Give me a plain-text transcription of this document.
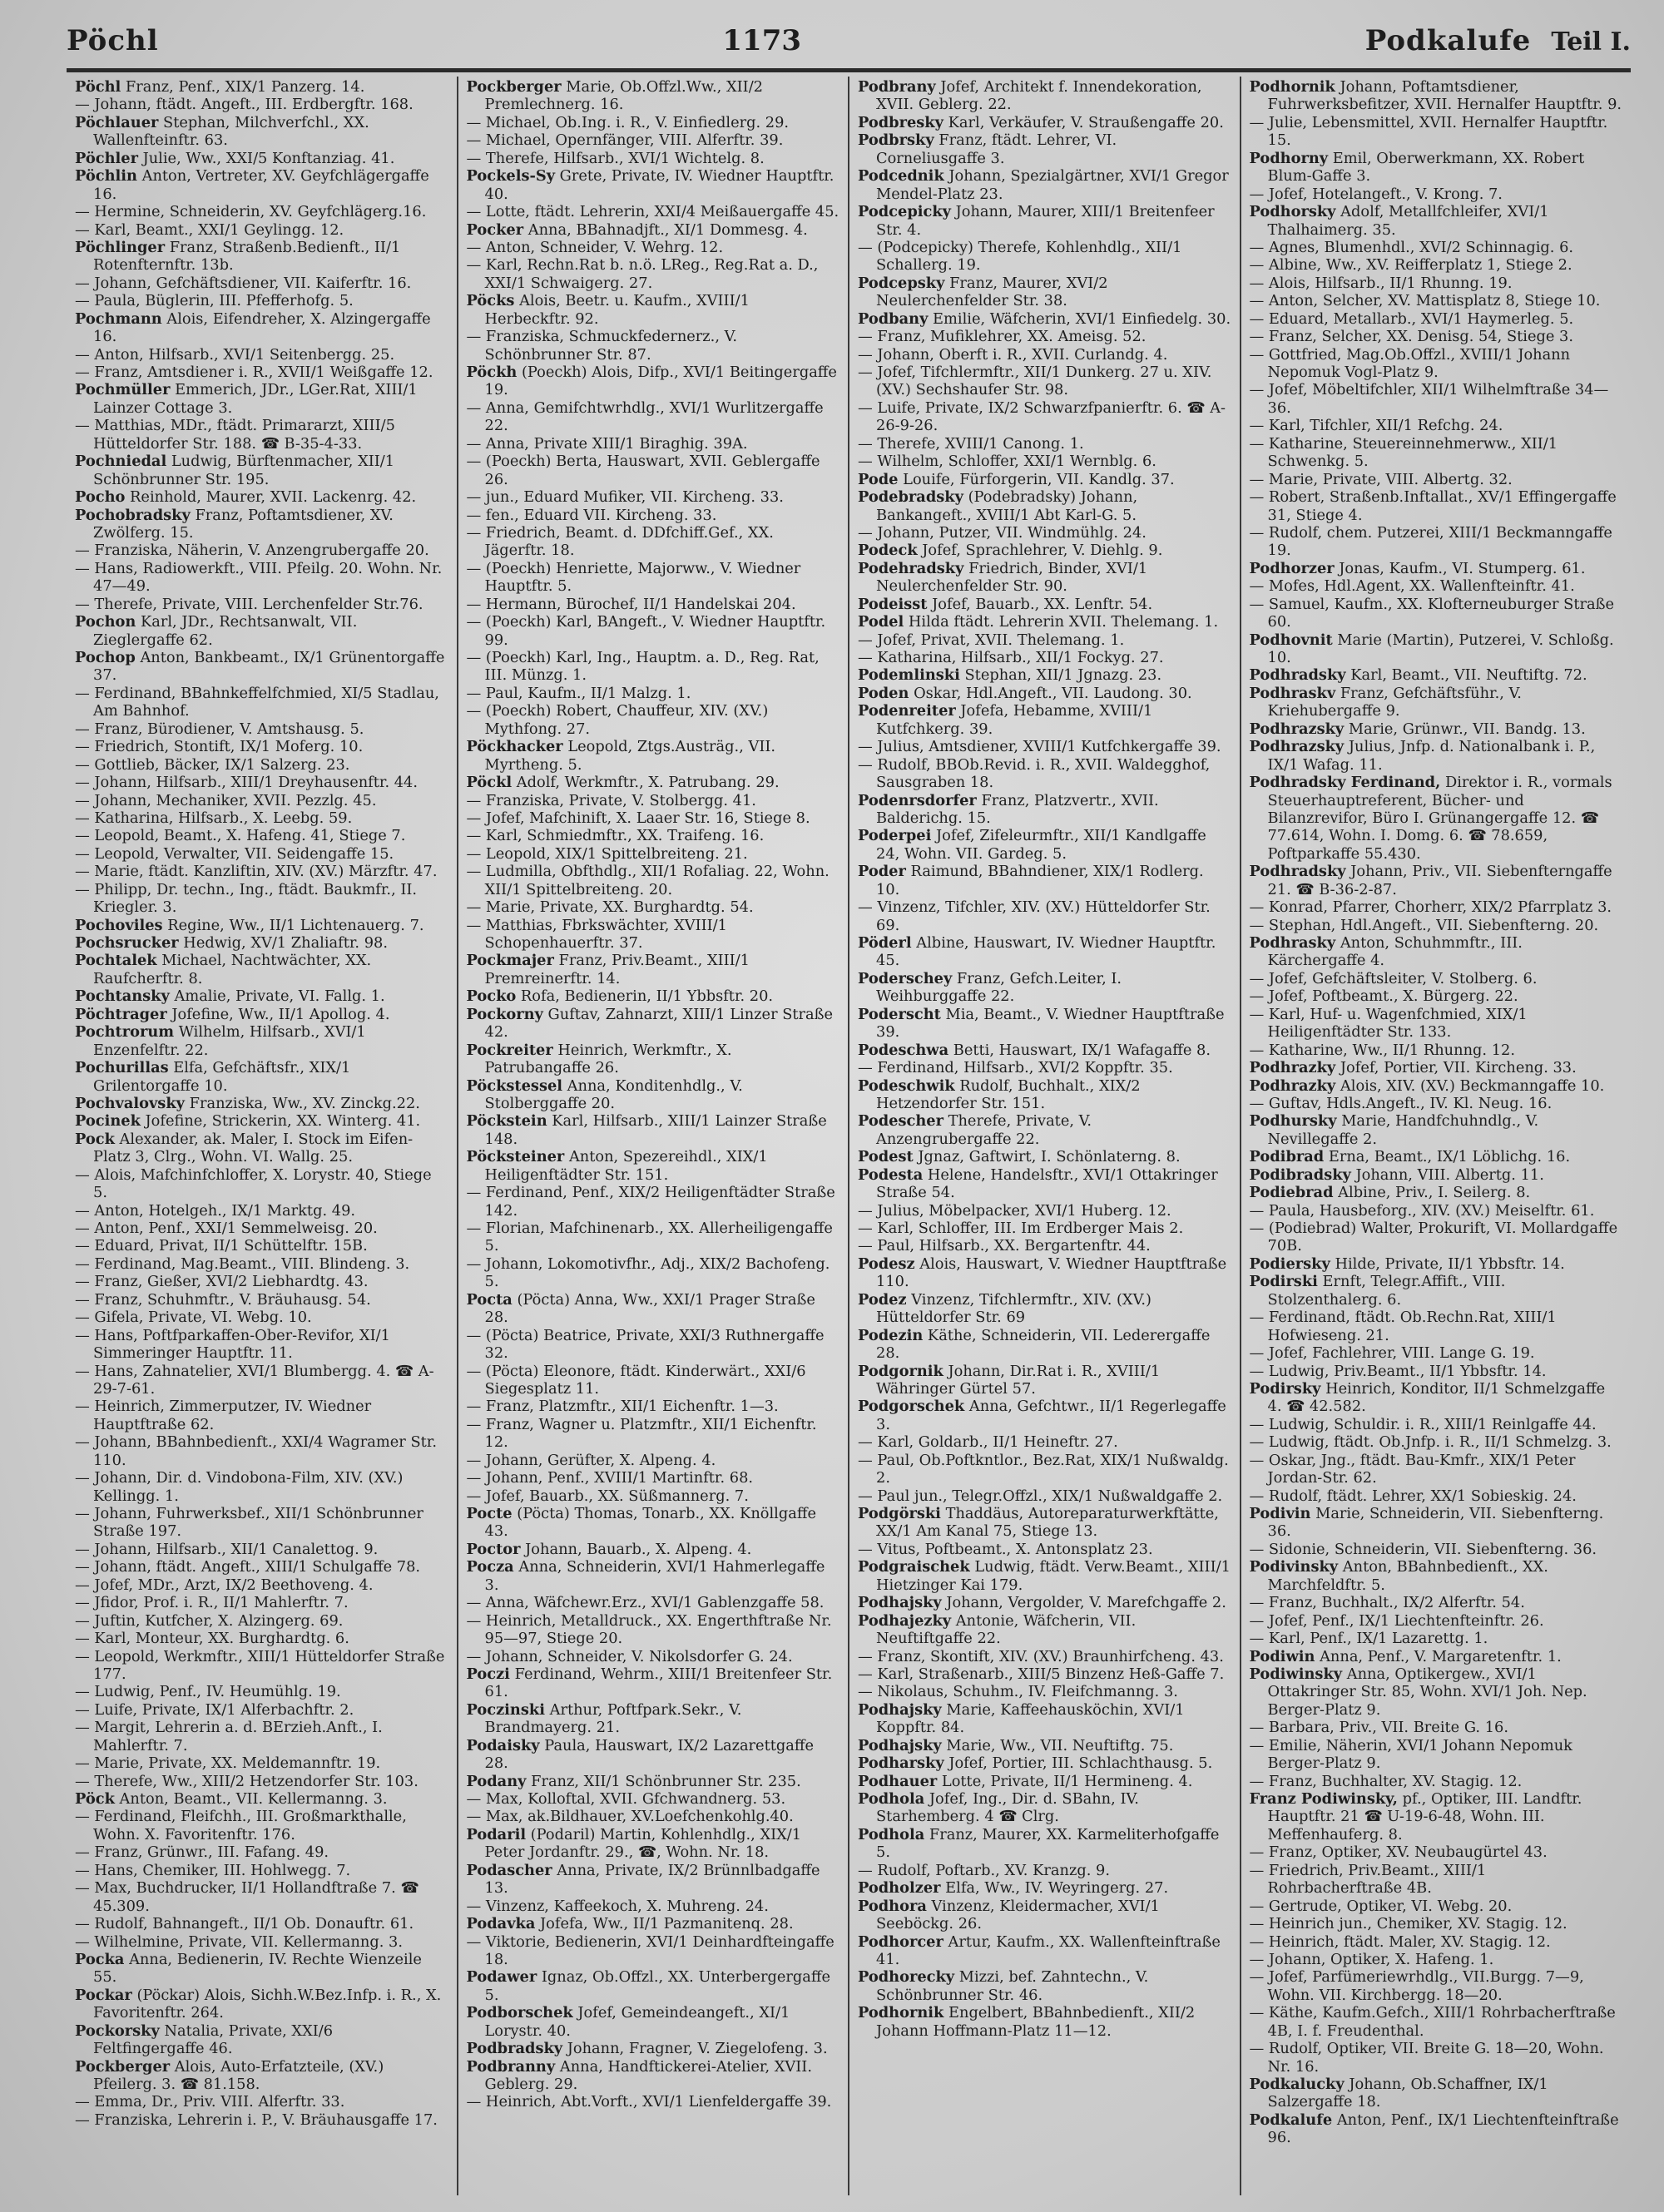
Pöchl	1173	Podkalufe Teil I.

Pöchl Franz, Penf., XIX/1 Panzerg. 14.

— Johann, ftädt. Angeft., III. Erdbergftr. 168.

Pöchlauer Stephan, Milchverfchl., XX. Wallenfteinftr. 63.

Pöchler Julie, Ww., XXI/5 Konftanziag. 41.

Pöchlin Anton, Vertreter, XV. Geyfchlägergaffe 16.

— Hermine, Schneiderin, XV. Geyfchlägerg.16.

— Karl, Beamt., XXI/1 Geylingg. 12.

Pöchlinger Franz, Straßenb.Bedienft., II/1 Rotenfternftr. 13b.

— Johann, Gefchäftsdiener, VII. Kaiferftr. 16.

— Paula, Büglerin, III. Pfefferhofg. 5.

Pochmann Alois, Eifendreher, X. Alzingergaffe 16.

— Anton, Hilfsarb., XVI/1 Seitenbergg. 25.

— Franz, Amtsdiener i. R., XVII/1 Weißgaffe 12.

Pochmüller Emmerich, JDr., LGer.Rat, XIII/1 Lainzer Cottage 3.

— Matthias, MDr., ftädt. Primararzt, XIII/5 Hütteldorfer Str. 188. ☎ B-35-4-33.

Pochniedal Ludwig, Bürftenmacher, XII/1 Schönbrunner Str. 195.

Pocho Reinhold, Maurer, XVII. Lackenrg. 42.

Pochobradsky Franz, Poftamtsdiener, XV. Zwölferg. 15.

— Franziska, Näherin, V. Anzengrubergaffe 20.

— Hans, Radiowerkft., VIII. Pfeilg. 20. Wohn. Nr. 47—49.

— Therefe, Private, VIII. Lerchenfelder Str.76.

Pochon Karl, JDr., Rechtsanwalt, VII. Zieglergaffe 62.

Pochop Anton, Bankbeamt., IX/1 Grünentorgaffe 37.

— Ferdinand, BBahnkeffelfchmied, XI/5 Stadlau, Am Bahnhof.

— Franz, Bürodiener, V. Amtshausg. 5.

— Friedrich, Stontift, IX/1 Moferg. 10.

— Gottlieb, Bäcker, IX/1 Salzerg. 23.

— Johann, Hilfsarb., XIII/1 Dreyhausenftr. 44.

— Johann, Mechaniker, XVII. Pezzlg. 45.

— Katharina, Hilfsarb., X. Leebg. 59.

— Leopold, Beamt., X. Hafeng. 41, Stiege 7.

— Leopold, Verwalter, VII. Seidengaffe 15.

— Marie, ftädt. Kanzliftin, XIV. (XV.) Märzftr. 47.

— Philipp, Dr. techn., Ing., ftädt. Baukmfr., II. Kriegler. 3.

Pochoviles Regine, Ww., II/1 Lichtenauerg. 7.

Pochsrucker Hedwig, XV/1 Zhaliaftr. 98.

Pochtalek Michael, Nachtwächter, XX. Raufcherftr. 8.

Pochtansky Amalie, Private, VI. Fallg. 1.

Pöchtrager Jofefine, Ww., II/1 Apollog. 4.

Pochtrorum Wilhelm, Hilfsarb., XVI/1 Enzenfelftr. 22.

Pochurillas Elfa, Gefchäftsfr., XIX/1 Grilentorgaffe 10.

Pochvalovsky Franziska, Ww., XV. Zinckg.22.

Pocinek Jofefine, Strickerin, XX. Winterg. 41.

Pock Alexander, ak. Maler, I. Stock im Eifen-Platz 3, Clrg., Wohn. VI. Wallg. 25.

— Alois, Mafchinfchloffer, X. Lorystr. 40, Stiege 5.

— Anton, Hotelgeh., IX/1 Marktg. 49.

— Anton, Penf., XXI/1 Semmelweisg. 20.

— Eduard, Privat, II/1 Schüttelftr. 15B.

— Ferdinand, Mag.Beamt., VIII. Blindeng. 3.

— Franz, Gießer, XVI/2 Liebhardtg. 43.

— Franz, Schuhmftr., V. Bräuhausg. 54.

— Gifela, Private, VI. Webg. 10.

— Hans, Poftfparkaffen-Ober-Revifor, XI/1 Simmeringer Hauptftr. 11.

— Hans, Zahnatelier, XVI/1 Blumbergg. 4. ☎ A-29-7-61.

— Heinrich, Zimmerputzer, IV. Wiedner Hauptftraße 62.

— Johann, BBahnbedienft., XXI/4 Wagramer Str. 110.

— Johann, Dir. d. Vindobona-Film, XIV. (XV.) Kellingg. 1.

— Johann, Fuhrwerksbef., XII/1 Schönbrunner Straße 197.

— Johann, Hilfsarb., XII/1 Canalettog. 9.

— Johann, ftädt. Angeft., XIII/1 Schulgaffe 78.

— Jofef, MDr., Arzt, IX/2 Beethoveng. 4.

— Jfidor, Prof. i. R., II/1 Mahlerftr. 7.

— Juftin, Kutfcher, X. Alzingerg. 69.

— Karl, Monteur, XX. Burghardtg. 6.

— Leopold, Werkmftr., XIII/1 Hütteldorfer Straße 177.

— Ludwig, Penf., IV. Heumühlg. 19.

— Luife, Private, IX/1 Alferbachftr. 2.

— Margit, Lehrerin a. d. BErzieh.Anft., I. Mahlerftr. 7.

— Marie, Private, XX. Meldemannftr. 19.

— Therefe, Ww., XIII/2 Hetzendorfer Str. 103.

Pöck Anton, Beamt., VII. Kellermanng. 3.

— Ferdinand, Fleifchh., III. Großmarkthalle, Wohn. X. Favoritenftr. 176.

— Franz, Grünwr., III. Fafang. 49.

— Hans, Chemiker, III. Hohlwegg. 7.

— Max, Buchdrucker, II/1 Hollandftraße 7. ☎ 45.309.

— Rudolf, Bahnangeft., II/1 Ob. Donauftr. 61.

— Wilhelmine, Private, VII. Kellermanng. 3.

Pocka Anna, Bedienerin, IV. Rechte Wienzeile 55.

Pockar (Pöckar) Alois, Sichh.W.Bez.Infp. i. R., X. Favoritenftr. 264.

Pockorsky Natalia, Private, XXI/6 Feltfingergaffe 46.

Pockberger Alois, Auto-Erfatzteile, (XV.) Pfeilerg. 3. ☎ 81.158.

— Emma, Dr., Priv. VIII. Alferftr. 33.

— Franziska, Lehrerin i. P., V. Bräuhausgaffe 17.

Pockberger Marie, Ob.Offzl.Ww., XII/2 Premlechnerg. 16.

— Michael, Ob.Ing. i. R., V. Einfiedlerg. 29.

— Michael, Opernfänger, VIII. Alferftr. 39.

— Therefe, Hilfsarb., XVI/1 Wichtelg. 8.

Pockels-Sy Grete, Private, IV. Wiedner Hauptftr. 40.

— Lotte, ftädt. Lehrerin, XXI/4 Meißauergaffe 45.

Pocker Anna, BBahnadjft., XI/1 Dommesg. 4.

— Anton, Schneider, V. Wehrg. 12.

— Karl, Rechn.Rat b. n.ö. LReg., Reg.Rat a. D., XXI/1 Schwaigerg. 27.

Pöcks Alois, Beetr. u. Kaufm., XVIII/1 Herbeckftr. 92.

— Franziska, Schmuckfedernerz., V. Schönbrunner Str. 87.

Pöckh (Poeckh) Alois, Difp., XVI/1 Beitingergaffe 19.

— Anna, Gemifchtwrhdlg., XVI/1 Wurlitzergaffe 22.

— Anna, Private XIII/1 Biraghig. 39A.

— (Poeckh) Berta, Hauswart, XVII. Geblergaffe 26.

— jun., Eduard Mufiker, VII. Kircheng. 33.

— fen., Eduard VII. Kircheng. 33.

— Friedrich, Beamt. d. DDfchiff.Gef., XX. Jägerftr. 18.

— (Poeckh) Henriette, Majorww., V. Wiedner Hauptftr. 5.

— Hermann, Bürochef, II/1 Handelskai 204.

— (Poeckh) Karl, BAngeft., V. Wiedner Hauptftr. 99.

— (Poeckh) Karl, Ing., Hauptm. a. D., Reg. Rat, III. Münzg. 1.

— Paul, Kaufm., II/1 Malzg. 1.

— (Poeckh) Robert, Chauffeur, XIV. (XV.) Mythfong. 27.

Pöckhacker Leopold, Ztgs.Austräg., VII. Myrtheng. 5.

Pöckl Adolf, Werkmftr., X. Patrubang. 29.

— Franziska, Private, V. Stolbergg. 41.

— Jofef, Mafchinift, X. Laaer Str. 16, Stiege 8.

— Karl, Schmiedmftr., XX. Traifeng. 16.

— Leopold, XIX/1 Spittelbreiteng. 21.

— Ludmilla, Obfthdlg., XII/1 Rofaliag. 22, Wohn. XII/1 Spittelbreiteng. 20.

— Marie, Private, XX. Burghardtg. 54.

— Matthias, Fbrkswächter, XVIII/1 Schopenhauerftr. 37.

Pockmajer Franz, Priv.Beamt., XIII/1 Premreinerftr. 14.

Pocko Rofa, Bedienerin, II/1 Ybbsftr. 20.

Pockorny Guftav, Zahnarzt, XIII/1 Linzer Straße 42.

Pockreiter Heinrich, Werkmftr., X. Patrubangaffe 26.

Pöckstessel Anna, Konditenhdlg., V. Stolberggaffe 20.

Pöckstein Karl, Hilfsarb., XIII/1 Lainzer Straße 148.

Pöcksteiner Anton, Spezereihdl., XIX/1 Heiligenftädter Str. 151.

— Ferdinand, Penf., XIX/2 Heiligenftädter Straße 142.

— Florian, Mafchinenarb., XX. Allerheiligengaffe 5.

— Johann, Lokomotivfhr., Adj., XIX/2 Bachofeng. 5.

Pocta (Pöcta) Anna, Ww., XXI/1 Prager Straße 28.

— (Pöcta) Beatrice, Private, XXI/3 Ruthnergaffe 32.

— (Pöcta) Eleonore, ftädt. Kinderwärt., XXI/6 Siegesplatz 11.

— Franz, Platzmftr., XII/1 Eichenftr. 1—3.

— Franz, Wagner u. Platzmftr., XII/1 Eichenftr. 12.

— Johann, Gerüfter, X. Alpeng. 4.

— Johann, Penf., XVIII/1 Martinftr. 68.

— Jofef, Bauarb., XX. Süßmannerg. 7.

Pocte (Pöcta) Thomas, Tonarb., XX. Knöllgaffe 43.

Poctor Johann, Bauarb., X. Alpeng. 4.

Pocza Anna, Schneiderin, XVI/1 Hahmerlegaffe 3.

— Anna, Wäfchewr.Erz., XVI/1 Gablenzgaffe 58.

— Heinrich, Metalldruck., XX. Engerthftraße Nr. 95—97, Stiege 20.

— Johann, Schneider, V. Nikolsdorfer G. 24.

Poczi Ferdinand, Wehrm., XIII/1 Breitenfeer Str. 61.

Poczinski Arthur, Poftfpark.Sekr., V. Brandmayerg. 21.

Podaisky Paula, Hauswart, IX/2 Lazarettgaffe 28.

Podany Franz, XII/1 Schönbrunner Str. 235.

— Max, Kolloftal, XVII. Gfchwandnerg. 53.

— Max, ak.Bildhauer, XV.Loefchenkohlg.40.

Podaril (Podaril) Martin, Kohlenhdlg., XIX/1 Peter Jordanftr. 29., ☎, Wohn. Nr. 18.

Podascher Anna, Private, IX/2 Brünnlbadgaffe 13.

— Vinzenz, Kaffeekoch, X. Muhreng. 24.

Podavka Jofefa, Ww., II/1 Pazmanitenq. 28.

— Viktorie, Bedienerin, XVI/1 Deinhardfteingaffe 18.

Podawer Ignaz, Ob.Offzl., XX. Unterbergergaffe 5.

Podborschek Jofef, Gemeindeangeft., XI/1 Lorystr. 40.

Podbradsky Johann, Fragner, V. Ziegelofeng. 3.

Podbranny Anna, Handftickerei-Atelier, XVII. Geblerg. 29.

— Heinrich, Abt.Vorft., XVI/1 Lienfeldergaffe 39.

Podbrany Jofef, Architekt f. Innendekoration, XVII. Geblerg. 22.

Podbresky Karl, Verkäufer, V. Straußengaffe 20.

Podbrsky Franz, ftädt. Lehrer, VI. Corneliusgaffe 3.

Podcednik Johann, Spezialgärtner, XVI/1 Gregor Mendel-Platz 23.

Podcepicky Johann, Maurer, XIII/1 Breitenfeer Str. 4.

— (Podcepicky) Therefe, Kohlenhdlg., XII/1 Schallerg. 19.

Podcepsky Franz, Maurer, XVI/2 Neulerchenfelder Str. 38.

Podbany Emilie, Wäfcherin, XVI/1 Einfiedelg. 30.

— Franz, Mufiklehrer, XX. Ameisg. 52.

— Johann, Oberft i. R., XVII. Curlandg. 4.

— Jofef, Tifchlermftr., XII/1 Dunkerg. 27 u. XIV. (XV.) Sechshaufer Str. 98.

— Luife, Private, IX/2 Schwarzfpanierftr. 6. ☎ A-26-9-26.

— Therefe, XVIII/1 Canong. 1.

— Wilhelm, Schloffer, XXI/1 Wernblg. 6.

Pode Louife, Fürforgerin, VII. Kandlg. 37.

Podebradsky (Podebradsky) Johann, Bankangeft., XVIII/1 Abt Karl-G. 5.

— Johann, Putzer, VII. Windmühlg. 24.

Podeck Jofef, Sprachlehrer, V. Diehlg. 9.

Podehradsky Friedrich, Binder, XVI/1 Neulerchenfelder Str. 90.

Podeisst Jofef, Bauarb., XX. Lenftr. 54.

Podel Hilda ftädt. Lehrerin XVII. Thelemang. 1.

— Jofef, Privat, XVII. Thelemang. 1.

— Katharina, Hilfsarb., XII/1 Fockyg. 27.

Podemlinski Stephan, XII/1 Jgnazg. 23.

Poden Oskar, Hdl.Angeft., VII. Laudong. 30.

Podenreiter Jofefa, Hebamme, XVIII/1 Kutfchkerg. 39.

— Julius, Amtsdiener, XVIII/1 Kutfchkergaffe 39.

— Rudolf, BBOb.Revid. i. R., XVII. Waldegghof, Sausgraben 18.

Podenrsdorfer Franz, Platzvertr., XVII. Balderichg. 15.

Poderpei Jofef, Zifeleurmftr., XII/1 Kandlgaffe 24, Wohn. VII. Gardeg. 5.

Poder Raimund, BBahndiener, XIX/1 Rodlerg. 10.

— Vinzenz, Tifchler, XIV. (XV.) Hütteldorfer Str. 69.

Pöderl Albine, Hauswart, IV. Wiedner Hauptftr. 45.

Poderschey Franz, Gefch.Leiter, I. Weihburggaffe 22.

Poderscht Mia, Beamt., V. Wiedner Hauptftraße 39.

Podeschwa Betti, Hauswart, IX/1 Wafagaffe 8.

— Ferdinand, Hilfsarb., XVI/2 Koppftr. 35.

Podeschwik Rudolf, Buchhalt., XIX/2 Hetzendorfer Str. 151.

Podescher Therefe, Private, V. Anzengrubergaffe 22.

Podest Jgnaz, Gaftwirt, I. Schönlaterng. 8.

Podesta Helene, Handelsftr., XVI/1 Ottakringer Straße 54.

— Julius, Möbelpacker, XVI/1 Huberg. 12.

— Karl, Schloffer, III. Im Erdberger Mais 2.

— Paul, Hilfsarb., XX. Bergartenftr. 44.

Podesz Alois, Hauswart, V. Wiedner Hauptftraße 110.

Podez Vinzenz, Tifchlermftr., XIV. (XV.) Hütteldorfer Str. 69

Podezin Käthe, Schneiderin, VII. Lederergaffe 28.

Podgornik Johann, Dir.Rat i. R., XVIII/1 Währinger Gürtel 57.

Podgorschek Anna, Gefchtwr., II/1 Regerlegaffe 3.

— Karl, Goldarb., II/1 Heineftr. 27.

— Paul, Ob.Poftkntlor., Bez.Rat, XIX/1 Nußwaldg. 2.

— Paul jun., Telegr.Offzl., XIX/1 Nußwaldgaffe 2.

Podgörski Thaddäus, Autoreparaturwerkftätte, XX/1 Am Kanal 75, Stiege 13.

— Vitus, Poftbeamt., X. Antonsplatz 23.

Podgraischek Ludwig, ftädt. Verw.Beamt., XIII/1 Hietzinger Kai 179.

Podhajsky Johann, Vergolder, V. Marefchgaffe 2.

Podhajezky Antonie, Wäfcherin, VII. Neuftiftgaffe 22.

— Franz, Skontift, XIV. (XV.) Braunhirfcheng. 43.

— Karl, Straßenarb., XIII/5 Binzenz Heß-Gaffe 7.

— Nikolaus, Schuhm., IV. Fleifchmanng. 3.

Podhajsky Marie, Kaffeehausköchin, XVI/1 Koppftr. 84.

Podhajsky Marie, Ww., VII. Neuftiftg. 75.

Podharsky Jofef, Portier, III. Schlachthausg. 5.

Podhauer Lotte, Private, II/1 Hermineng. 4.

Podhola Jofef, Ing., Dir. d. SBahn, IV. Starhemberg. 4 ☎ Clrg.

Podhola Franz, Maurer, XX. Karmeliterhofgaffe 5.

— Rudolf, Poftarb., XV. Kranzg. 9.

Podholzer Elfa, Ww., IV. Weyringerg. 27.

Podhora Vinzenz, Kleidermacher, XVI/1 Seeböckg. 26.

Podhorcer Artur, Kaufm., XX. Wallenfteinftraße 41.

Podhorecky Mizzi, bef. Zahntechn., V. Schönbrunner Str. 46.

Podhornik Engelbert, BBahnbedienft., XII/2 Johann Hoffmann-Platz 11—12.

Podhornik Johann, Poftamtsdiener, Fuhrwerksbefitzer, XVII. Hernalfer Hauptftr. 9.

— Julie, Lebensmittel, XVII. Hernalfer Hauptftr. 15.

Podhorny Emil, Oberwerkmann, XX. Robert Blum-Gaffe 3.

— Jofef, Hotelangeft., V. Krong. 7.

Podhorsky Adolf, Metallfchleifer, XVI/1 Thalhaimerg. 35.

— Agnes, Blumenhdl., XVI/2 Schinnagig. 6.

— Albine, Ww., XV. Reifferplatz 1, Stiege 2.

— Alois, Hilfsarb., II/1 Rhunng. 19.

— Anton, Selcher, XV. Mattisplatz 8, Stiege 10.

— Eduard, Metallarb., XVI/1 Haymerleg. 5.

— Franz, Selcher, XX. Denisg. 54, Stiege 3.

— Gottfried, Mag.Ob.Offzl., XVIII/1 Johann Nepomuk Vogl-Platz 9.

— Jofef, Möbeltifchler, XII/1 Wilhelmftraße 34—36.

— Karl, Tifchler, XII/1 Refchg. 24.

— Katharine, Steuereinnehmerww., XII/1 Schwenkg. 5.

— Marie, Private, VIII. Albertg. 32.

— Robert, Straßenb.Inftallat., XV/1 Effingergaffe 31, Stiege 4.

— Rudolf, chem. Putzerei, XIII/1 Beckmanngaffe 19.

Podhorzer Jonas, Kaufm., VI. Stumperg. 61.

— Mofes, Hdl.Agent, XX. Wallenfteinftr. 41.

— Samuel, Kaufm., XX. Klofterneuburger Straße 60.

Podhovnit Marie (Martin), Putzerei, V. Schloßg. 10.

Podhradsky Karl, Beamt., VII. Neuftiftg. 72.

Podhraskv Franz, Gefchäftsführ., V. Kriehubergaffe 9.

Podhrazsky Marie, Grünwr., VII. Bandg. 13.

Podhrazsky Julius, Jnfp. d. Nationalbank i. P., IX/1 Wafag. 11.

Podhradsky Ferdinand, Direktor i. R., vormals Steuerhauptreferent, Bücher- und Bilanzrevifor, Büro I. Grünangergaffe 12. ☎ 77.614, Wohn. I. Domg. 6. ☎ 78.659, Poftparkaffe 55.430.

Podhradsky Johann, Priv., VII. Siebenfterngaffe 21. ☎ B-36-2-87.

— Konrad, Pfarrer, Chorherr, XIX/2 Pfarrplatz 3.

— Stephan, Hdl.Angeft., VII. Siebenfterng. 20.

Podhrasky Anton, Schuhmmftr., III. Kärchergaffe 4.

— Jofef, Gefchäftsleiter, V. Stolberg. 6.

— Jofef, Poftbeamt., X. Bürgerg. 22.

— Karl, Huf- u. Wagenfchmied, XIX/1 Heiligenftädter Str. 133.

— Katharine, Ww., II/1 Rhunng. 12.

Podhrazky Jofef, Portier, VII. Kircheng. 33.

Podhrazky Alois, XIV. (XV.) Beckmanngaffe 10.

— Guftav, Hdls.Angeft., IV. Kl. Neug. 16.

Podhursky Marie, Handfchuhndlg., V. Nevillegaffe 2.

Podibrad Erna, Beamt., IX/1 Löblichg. 16.

Podibradsky Johann, VIII. Albertg. 11.

Podiebrad Albine, Priv., I. Seilerg. 8.

— Paula, Hausbeforg., XIV. (XV.) Meiselftr. 61.

— (Podiebrad) Walter, Prokurift, VI. Mollardgaffe 70B.

Podiersky Hilde, Private, II/1 Ybbsftr. 14.

Podirski Ernft, Telegr.Affift., VIII. Stolzenthalerg. 6.

— Ferdinand, ftädt. Ob.Rechn.Rat, XIII/1 Hofwieseng. 21.

— Jofef, Fachlehrer, VIII. Lange G. 19.

— Ludwig, Priv.Beamt., II/1 Ybbsftr. 14.

Podirsky Heinrich, Konditor, II/1 Schmelzgaffe 4. ☎ 42.582.

— Ludwig, Schuldir. i. R., XIII/1 Reinlgaffe 44.

— Ludwig, ftädt. Ob.Jnfp. i. R., II/1 Schmelzg. 3.

— Oskar, Jng., ftädt. Bau-Kmfr., XIX/1 Peter Jordan-Str. 62.

— Rudolf, ftädt. Lehrer, XX/1 Sobieskig. 24.

Podivin Marie, Schneiderin, VII. Siebenfterng. 36.

— Sidonie, Schneiderin, VII. Siebenfterng. 36.

Podivinsky Anton, BBahnbedienft., XX. Marchfeldftr. 5.

— Franz, Buchhalt., IX/2 Alferftr. 54.

— Jofef, Penf., IX/1 Liechtenfteinftr. 26.

— Karl, Penf., IX/1 Lazarettg. 1.

Podiwin Anna, Penf., V. Margaretenftr. 1.

Podiwinsky Anna, Optikergew., XVI/1 Ottakringer Str. 85, Wohn. XVI/1 Joh. Nep. Berger-Platz 9.

— Barbara, Priv., VII. Breite G. 16.

— Emilie, Näherin, XVI/1 Johann Nepomuk Berger-Platz 9.

— Franz, Buchhalter, XV. Stagig. 12.

Franz Podiwinsky, pf., Optiker, III. Landftr. Hauptftr. 21 ☎ U-19-6-48, Wohn. III. Meffenhauferg. 8.

— Franz, Optiker, XV. Neubaugürtel 43.

— Friedrich, Priv.Beamt., XIII/1 Rohrbacherftraße 4B.

— Gertrude, Optiker, VI. Webg. 20.

— Heinrich jun., Chemiker, XV. Stagig. 12.

— Heinrich, ftädt. Maler, XV. Stagig. 12.

— Johann, Optiker, X. Hafeng. 1.

— Jofef, Parfümeriewrhdlg., VII.Burgg. 7—9, Wohn. VII. Kirchbergg. 18—20.

— Käthe, Kaufm.Gefch., XIII/1 Rohrbacherftraße 4B, I. f. Freudenthal.

— Rudolf, Optiker, VII. Breite G. 18—20, Wohn. Nr. 16.

Podkalucky Johann, Ob.Schaffner, IX/1 Salzergaffe 18.

Podkalufe Anton, Penf., IX/1 Liechtenfteinftraße 96.
